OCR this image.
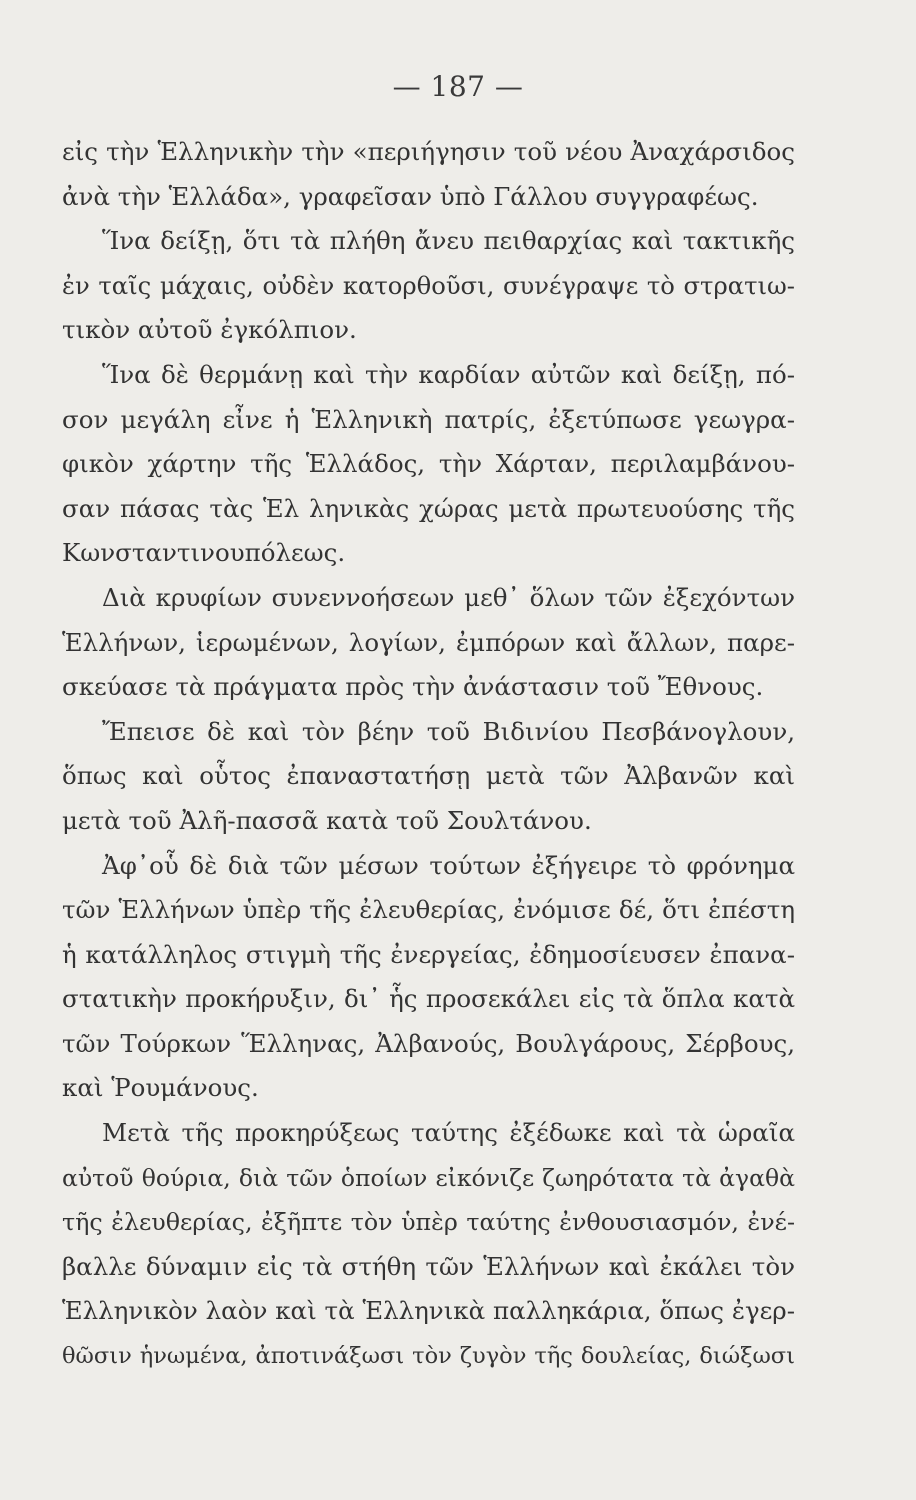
— 187 —
εἰς τὴν Ἑλληνικὴν τὴν «περιήγησιν τοῦ νέου Ἀναχάρσιδος
ἀνὰ τὴν Ἑλλάδα», γραφεῖσαν ὑπὸ Γάλλου συγγραφέως.
Ἵνα δείξῃ, ὅτι τὰ πλήθη ἄνευ πειθαρχίας καὶ τακτικῆς
ἐν ταῖς μάχαις, οὐδὲν κατορθοῦσι, συνέγραψε τὸ στρατιω-
τικὸν αὐτοῦ ἐγκόλπιον.
Ἵνα δὲ θερμάνῃ καὶ τὴν καρδίαν αὐτῶν καὶ δείξῃ, πό-
σον μεγάλη εἶνε ἡ Ἑλληνικὴ πατρίς, ἐξετύπωσε γεωγρα-
φικὸν χάρτην τῆς Ἑλλάδος, τὴν Χάρταν, περιλαμβάνου-
σαν πάσας τὰς Ἑλ ληνικὰς χώρας μετὰ πρωτευούσης τῆς
Κωνσταντινουπόλεως.
Διὰ κρυφίων συνεννοήσεων μεθ᾽ ὅλων τῶν ἐξεχόντων
Ἑλλήνων, ἱερωμένων, λογίων, ἐμπόρων καὶ ἄλλων, παρε-
σκεύασε τὰ πράγματα πρὸς τὴν ἀνάστασιν τοῦ Ἔθνους.
Ἔπεισε δὲ καὶ τὸν βέην τοῦ Βιδινίου Πεσβάνογλουν,
ὅπως καὶ οὗτος ἐπαναστατήσῃ μετὰ τῶν Ἀλβανῶν καὶ
μετὰ τοῦ Ἀλῆ-πασσᾶ κατὰ τοῦ Σουλτάνου.
Ἀφ᾽οὗ δὲ διὰ τῶν μέσων τούτων ἐξήγειρε τὸ φρόνημα
τῶν Ἑλλήνων ὑπὲρ τῆς ἐλευθερίας, ἐνόμισε δέ, ὅτι ἐπέστη
ἡ κατάλληλος στιγμὴ τῆς ἐνεργείας, ἐδημοσίευσεν ἐπανα-
στατικὴν προκήρυξιν, δι᾽ ἧς προσεκάλει εἰς τὰ ὅπλα κατὰ
τῶν Τούρκων Ἕλληνας, Ἀλβανούς, Βουλγάρους, Σέρβους,
καὶ Ῥουμάνους.
Μετὰ τῆς προκηρύξεως ταύτης ἐξέδωκε καὶ τὰ ὡραῖα
αὐτοῦ θούρια, διὰ τῶν ὁποίων εἰκόνιζε ζωηρότατα τὰ ἀγαθὰ
τῆς ἐλευθερίας, ἐξῆπτε τὸν ὑπὲρ ταύτης ἐνθουσιασμόν, ἐνέ-
βαλλε δύναμιν εἰς τὰ στήθη τῶν Ἑλλήνων καὶ ἐκάλει τὸν
Ἑλληνικὸν λαὸν καὶ τὰ Ἑλληνικὰ παλληκάρια, ὅπως ἐγερ-
θῶσιν ἡνωμένα, ἀποτινάξωσι τὸν ζυγὸν τῆς δουλείας, διώξωσι
